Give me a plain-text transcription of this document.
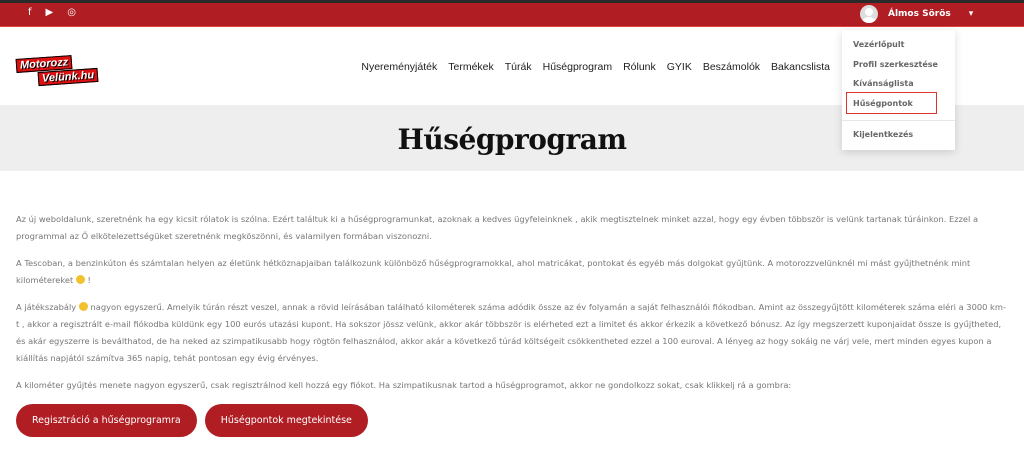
f ▶ ◎	Álmos Sörös ▾
Motorozz
Velünk.hu
Nyereményjáték Termékek Túrák Hűségprogram Rólunk GYIK Beszámolók Bakancslista
Hűségprogram

Az új weboldalunk, szeretnénk ha egy kicsit rólatok is szólna. Ezért találtuk ki a hűségprogramunkat, azoknak a kedves ügyfeleinknek , akik megtisztelnek minket azzal, hogy egy évben többször is velünk tartanak túráinkon. Ezzel a programmal az Ő elkötelezettségüket szeretnénk megköszönni, és valamilyen formában viszonozni.

A Tescoban, a benzinkúton és számtalan helyen az életünk hétköznapjaiban találkozunk különböző hűségprogramokkal, ahol matricákat, pontokat és egyéb más dolgokat gyűjtünk. A motorozzvelünknél mi mást gyűjthetnénk mint kilométereket  !

A játékszabály  nagyon egyszerű. Amelyik túrán részt veszel, annak a rövid leírásában található kilométerek száma adódik össze az év folyamán a saját felhasználói fiókodban. Amint az összegyűjtött kilométerek száma eléri a 3000 km-t , akkor a regisztrált e-mail fiókodba küldünk egy 100 eurós utazási kupont. Ha sokszor jössz velünk, akkor akár többször is elérheted ezt a limitet és akkor érkezik a következő bónusz. Az így megszerzett kuponjaidat össze is gyűjtheted, és akár egyszerre is beválthatod, de ha neked az szimpatikusabb hogy rögtön felhasználod, akkor akár a következő túrád költségeit csökkentheted ezzel a 100 euroval. A lényeg az hogy sokáig ne várj vele, mert minden egyes kupon a kiállítás napjától számítva 365 napig, tehát pontosan egy évig érvényes.

A kilométer gyűjtés menete nagyon egyszerű, csak regisztrálnod kell hozzá egy fiókot. Ha szimpatikusnak tartod a hűségprogramot, akkor ne gondolkozz sokat, csak klikkelj rá a gombra:

Regisztráció a hűségprogramra	Hűségpontok megtekintése
Vezérlőpult
Profil szerkesztése
Kívánságlista
Hűségpontok
Kijelentkezés
